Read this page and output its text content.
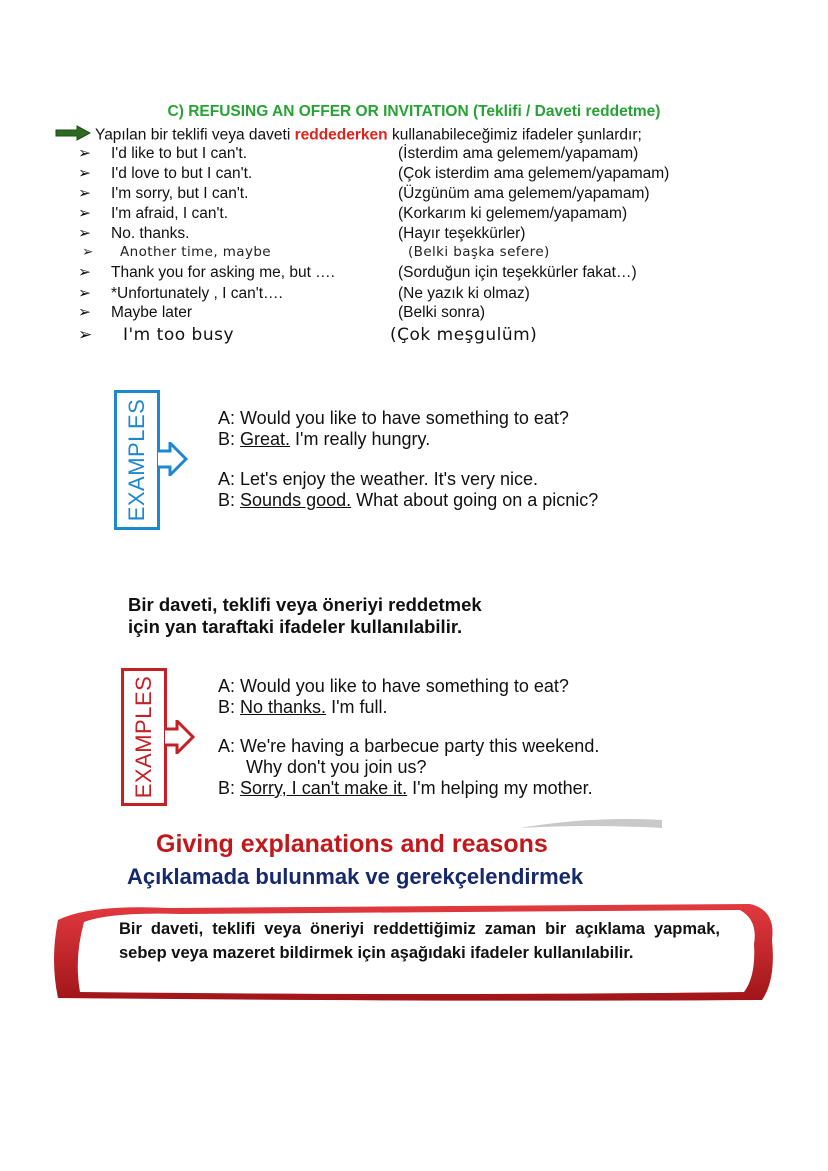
C) REFUSING AN OFFER OR INVITATION (Teklifi / Daveti reddetme)
Yapılan bir teklifi veya daveti reddederken kullanabileceğimiz ifadeler şunlardır;
➢	I'd like to but I can't.	(İsterdim ama gelemem/yapamam)
➢	I'd love to but I can't.	(Çok isterdim ama gelemem/yapamam)
➢	I'm sorry, but I can't.	(Üzgünüm ama gelemem/yapamam)
➢	I'm afraid, I can't.	(Korkarım ki gelemem/yapamam)
➢	No. thanks.	(Hayır teşekkürler)
➢	Another time, maybe	(Belki başka sefere)
➢	Thank you for asking me, but ….	(Sorduğun için teşekkürler fakat…)
➢	*Unfortunately , I can't….	(Ne yazık ki olmaz)
➢	Maybe later	(Belki sonra)
➢	I'm too busy	(Çok meşgulüm)
EXAMPLES	A: Would you like to have something to eat?
B: Great. I'm really hungry.
A: Let's enjoy the weather. It's very nice.
B: Sounds good. What about going on a picnic?
Bir daveti, teklifi veya öneriyi reddetmek
için yan taraftaki ifadeler kullanılabilir.
EXAMPLES	A: Would you like to have something to eat?
B: No thanks. I'm full.
A: We're having a barbecue party this weekend.
Why don't you join us?
B: Sorry, I can't make it. I'm helping my mother.
Giving explanations and reasons
Açıklamada bulunmak ve gerekçelendirmek
Bir daveti, teklifi veya öneriyi reddettiğimiz zaman bir açıklama yapmak, sebep veya mazeret bildirmek için aşağıdaki ifadeler kullanılabilir.
